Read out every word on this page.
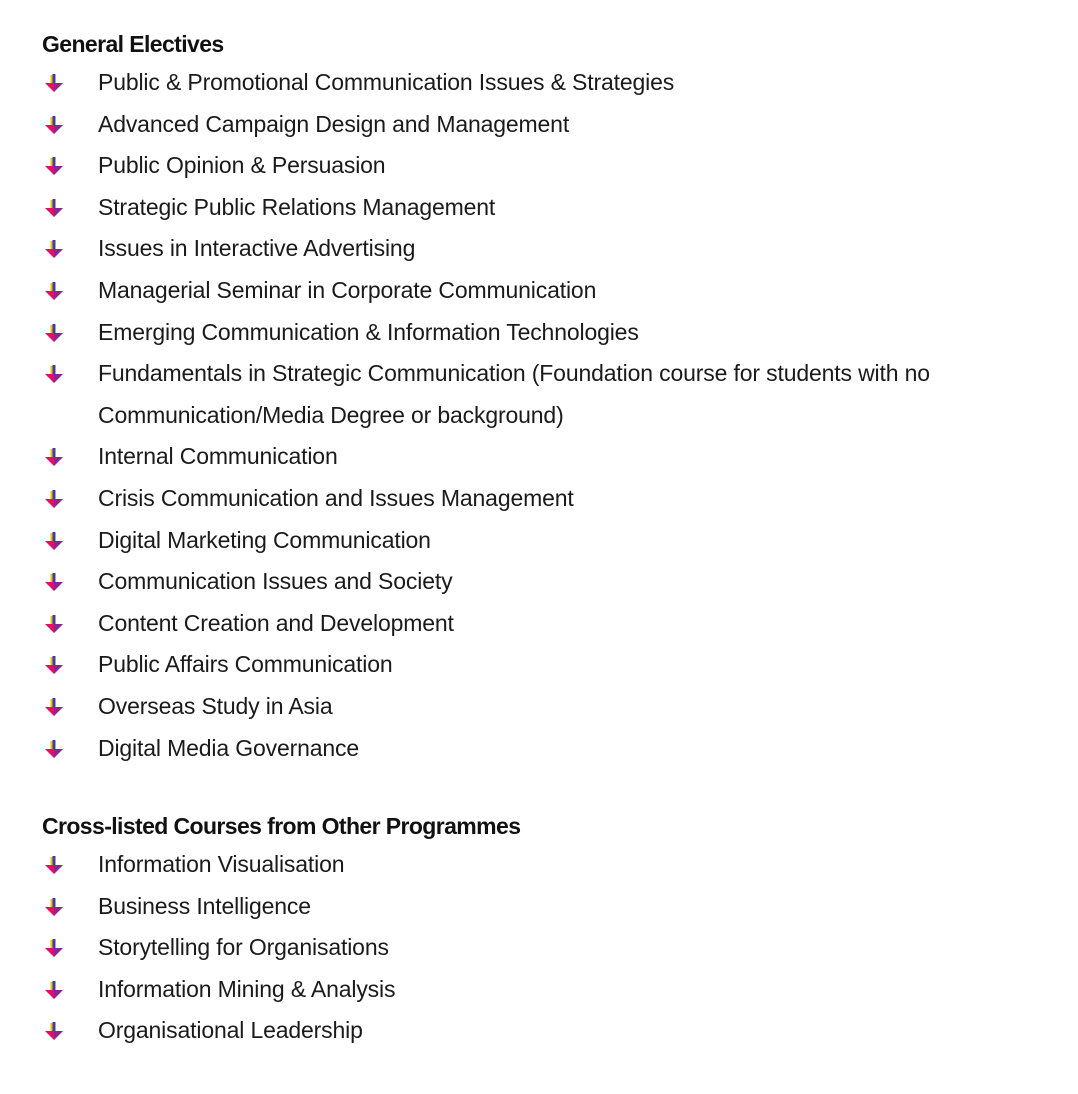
General Electives
Public & Promotional Communication Issues & Strategies
Advanced Campaign Design and Management
Public Opinion & Persuasion
Strategic Public Relations Management
Issues in Interactive Advertising
Managerial Seminar in Corporate Communication
Emerging Communication & Information Technologies
Fundamentals in Strategic Communication (Foundation course for students with no Communication/Media Degree or background)
Internal Communication
Crisis Communication and Issues Management
Digital Marketing Communication
Communication Issues and Society
Content Creation and Development
Public Affairs Communication
Overseas Study in Asia
Digital Media Governance
Cross-listed Courses from Other Programmes
Information Visualisation
Business Intelligence
Storytelling for Organisations
Information Mining & Analysis
Organisational Leadership
